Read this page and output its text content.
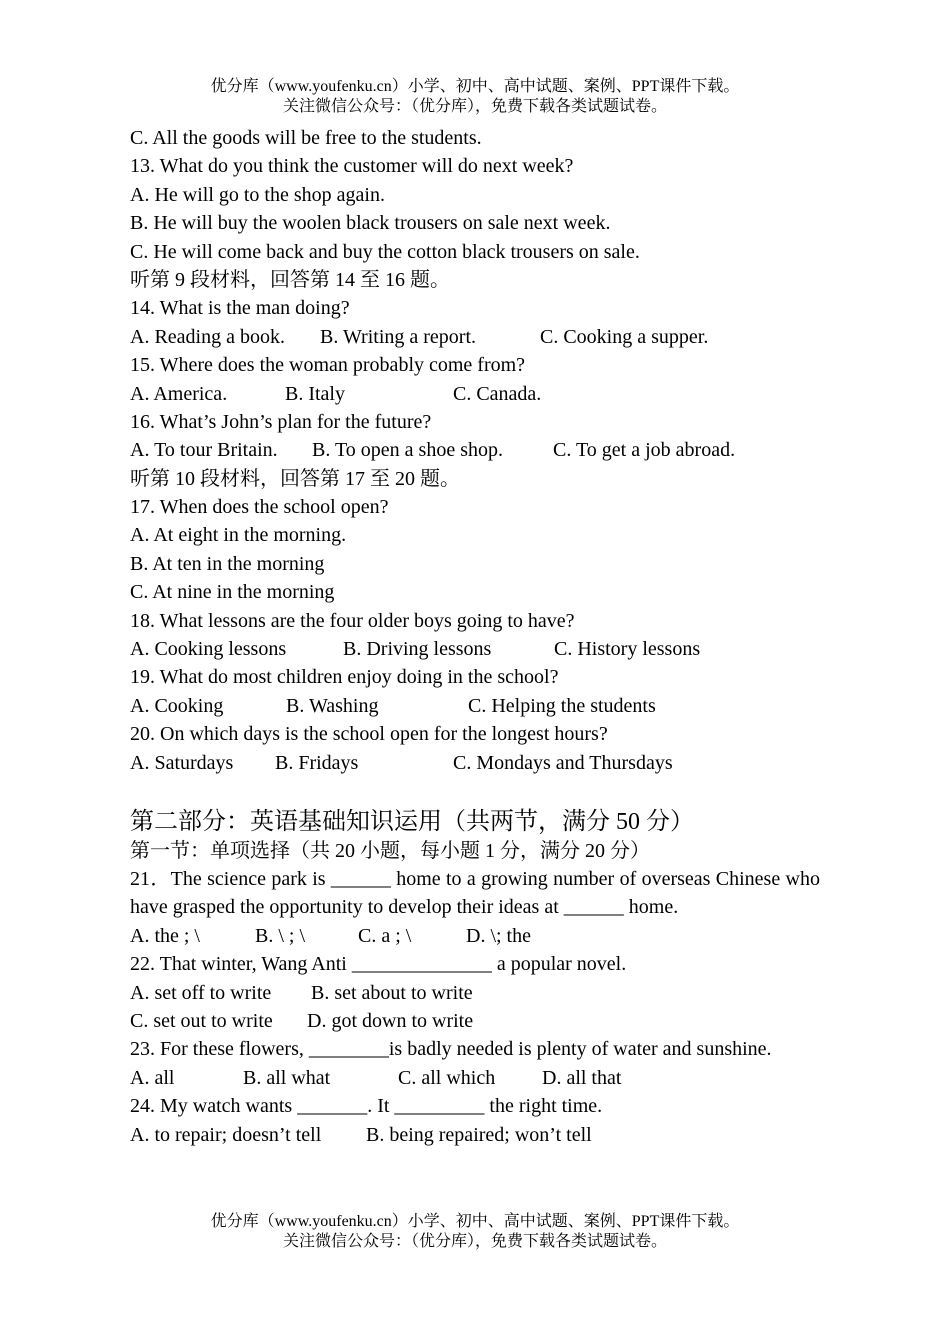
优分库（www.youfenku.cn）小学、初中、高中试题、案例、PPT课件下载。
关注微信公众号：（优分库），免费下载各类试题试卷。
C. All the goods will be free to the students.
13. What do you think the customer will do next week?
A. He will go to the shop again.
B. He will buy the woolen black trousers on sale next week.
C. He will come back and buy the cotton black trousers on sale.
听第 9 段材料，回答第 14 至 16 题。
14. What is the man doing?
A. Reading a book. B. Writing a report.	C. Cooking a supper.
15. Where does the woman probably come from?
A. America.	B. Italy	C. Canada.
16. What’s John’s plan for the future?
A. To tour Britain. B. To open a shoe shop.	C. To get a job abroad.
听第 10 段材料，回答第 17 至 20 题。
17. When does the school open?
A. At eight in the morning.
B. At ten in the morning
C. At nine in the morning
18. What lessons are the four older boys going to have?
A. Cooking lessons	B. Driving lessons	C. History lessons
19. What do most children enjoy doing in the school?
A. Cooking	B. Washing	C. Helping the students
20. On which days is the school open for the longest hours?
A. Saturdays B. Fridays	C. Mondays and Thursdays
第二部分：英语基础知识运用（共两节，满分 50 分）
第一节：单项选择（共 20 小题，每小题 1 分，满分 20 分）
21．The science park is ______ home to a growing number of overseas Chinese who have grasped the opportunity to develop their ideas at ______ home.
A. the ; \	B. \ ; \	C. a ; \	D. \; the
22. That winter, Wang Anti ______________ a popular novel.
A. set off to write B. set about to write
C. set out to write D. got down to write
23. For these flowers, ________is badly needed is plenty of water and sunshine.
A. all	B. all what	C. all which D. all that
24. My watch wants _______. It _________ the right time.
A. to repair; doesn’t tell B. being repaired; won’t tell
优分库（www.youfenku.cn）小学、初中、高中试题、案例、PPT课件下载。
关注微信公众号：（优分库），免费下载各类试题试卷。
